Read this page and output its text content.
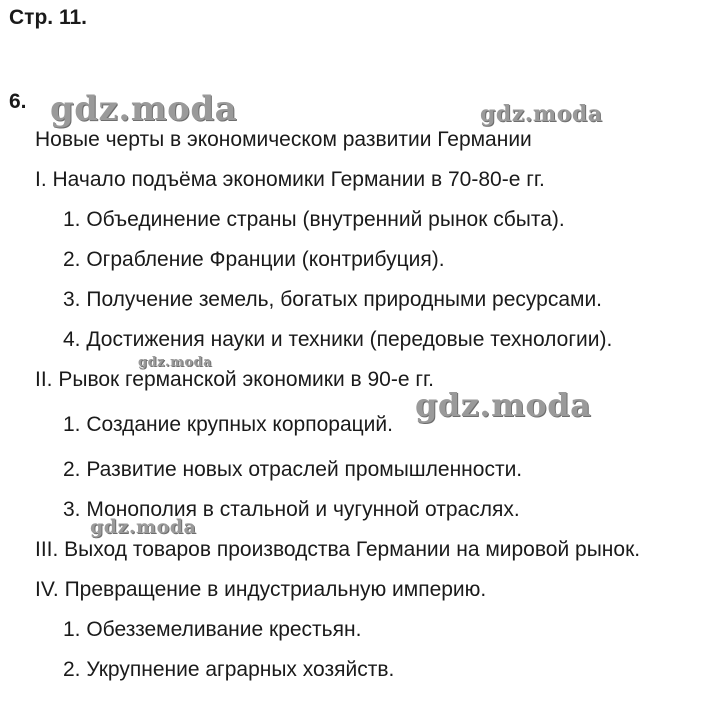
Стр. 11.
6.
Новые черты в экономическом развитии Германии
I. Начало подъёма экономики Германии в 70-80-е гг.
1. Объединение страны (внутренний рынок сбыта).
2. Ограбление Франции (контрибуция).
3. Получение земель, богатых природными ресурсами.
4. Достижения науки и техники (передовые технологии).
II. Рывок германской экономики в 90-е гг.
1. Создание крупных корпораций.
2. Развитие новых отраслей промышленности.
3. Монополия в стальной и чугунной отраслях.
III. Выход товаров производства Германии на мировой рынок.
IV. Превращение в индустриальную империю.
1. Обезземеливание крестьян.
2. Укрупнение аграрных хозяйств.
gdz.moda	gdz.moda
gdz.moda
gdz.moda
gdz.moda
